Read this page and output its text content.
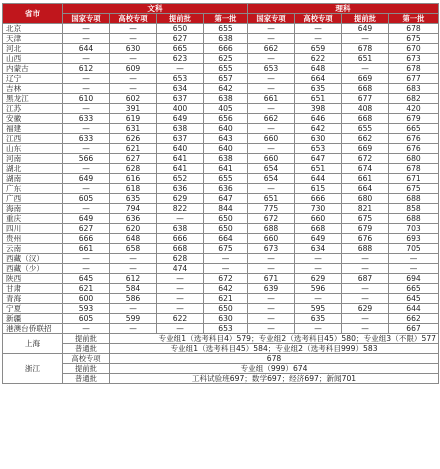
省市	文科				理科			
	国家专项	高校专项	提前批	第一批	国家专项	高校专项	提前批	第一批
北京	—	—	650	655	—	—	649	678
天津	—	—	627	638	—	—	—	675
河北	644	630	665	666	662	659	678	670
山西	—	—	623	625	—	622	651	673
内蒙古	612	609	—	655	653	648	—	678
辽宁	—	—	653	657	—	664	669	677
吉林	—	—	634	642	—	635	668	683
黑龙江	610	602	637	638	661	651	677	682
江苏	—	391	400	405	—	398	408	420
安徽	633	619	649	656	662	646	668	679
福建	—	631	638	640	—	642	655	665
江西	633	626	637	643	660	630	662	676
山东	—	621	640	640	—	653	669	676
河南	566	627	641	638	660	647	672	680
湖北	—	628	641	641	654	651	674	678
湖南	649	616	652	655	654	644	661	671
广东	—	618	636	636	—	615	664	675
广西	605	635	629	647	651	666	680	688
海南	—	794	822	844	775	730	821	858
重庆	649	636	—	650	672	660	675	688
四川	627	620	638	650	688	668	679	703
贵州	666	648	666	664	660	649	676	693
云南	661	658	668	675	673	634	688	705
西藏（汉）	—	—	628	—	—	—	—	—
西藏（少）	—	—	474	—	—	—	—	—
陕西	645	612	—	672	671	629	687	694
甘肃	621	584	—	642	639	596	—	665
青海	600	586	—	621	—	—	—	645
宁夏	593	—	—	650	—	595	629	644
新疆	605	599	622	630	—	635	—	662
港澳台侨联招	—	—	—	653	—	—	—	667
上海	提前批	专业组1（选考科目4）579；专业组2（选考科目45）580；专业组3（不限）577						
	普通批	专业组1（选考科目45）584；专业组2（选考科目999）583						
浙江	高校专项	678						
	提前批	专业组（999）674						
	普通批	工科试验班697；数学697；经济697；新闻701						
